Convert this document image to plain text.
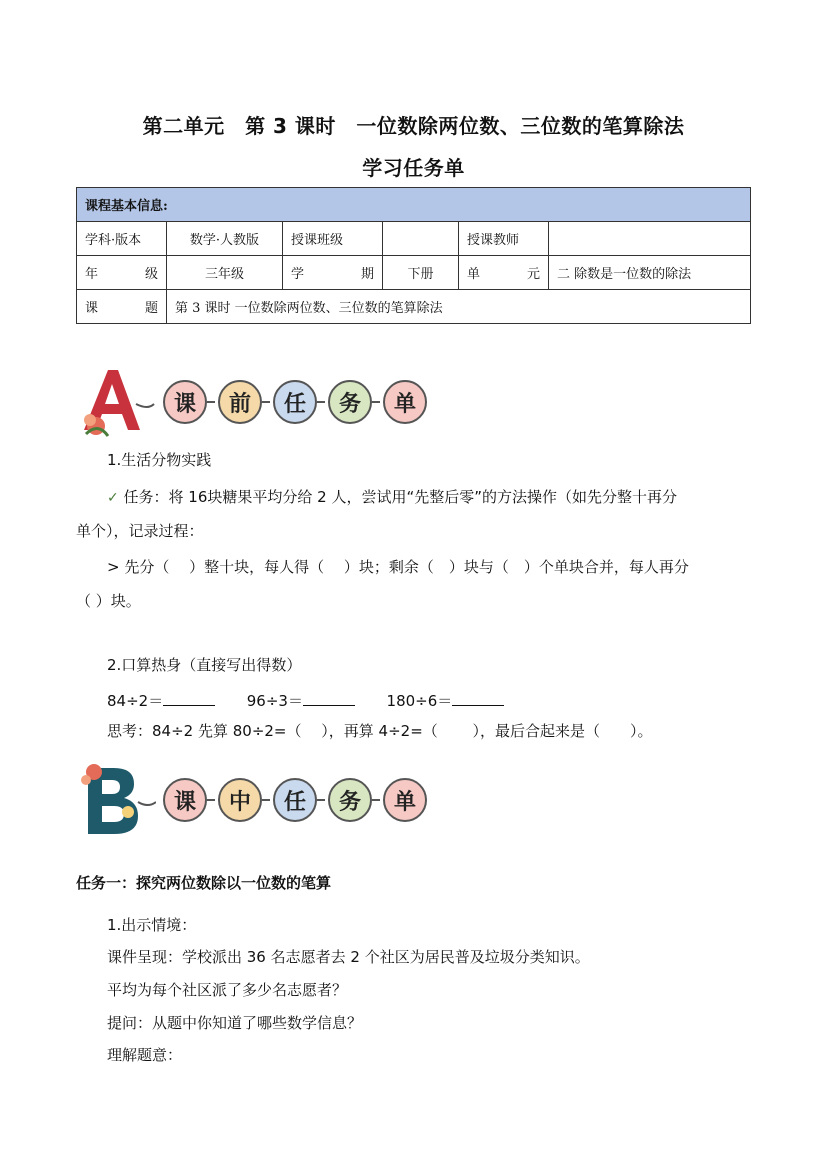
第二单元　第 3 课时　一位数除两位数、三位数的笔算除法
学习任务单
课程基本信息:					
学科·版本	数学·人教版	授课班级		授课教师	
年 级	三年级	学 期	下册	单 元	二 除数是一位数的除法
课 题	第 3 课时 一位数除两位数、三位数的笔算除法				
课	前	任	务	单
1.生活分物实践
✓ 任务：将 16块糖果平均分给 2 人，尝试用“先整后零”的方法操作（如先分整十再分
单个），记录过程：
> 先分（　 ）整十块，每人得（　 ）块；剩余（　）块与（　）个单块合并，每人再分
（ ）块。
2.口算热身（直接写出得数）
84÷2＝	96÷3＝	180÷6＝
思考：84÷2 先算 80÷2=（　 ），再算 4÷2=（　　 ），最后合起来是（　　）。
课	中	任	务	单
任务一：探究两位数除以一位数的笔算
1.出示情境：
课件呈现：学校派出 36 名志愿者去 2 个社区为居民普及垃圾分类知识。
平均为每个社区派了多少名志愿者？
提问：从题中你知道了哪些数学信息？
理解题意：
